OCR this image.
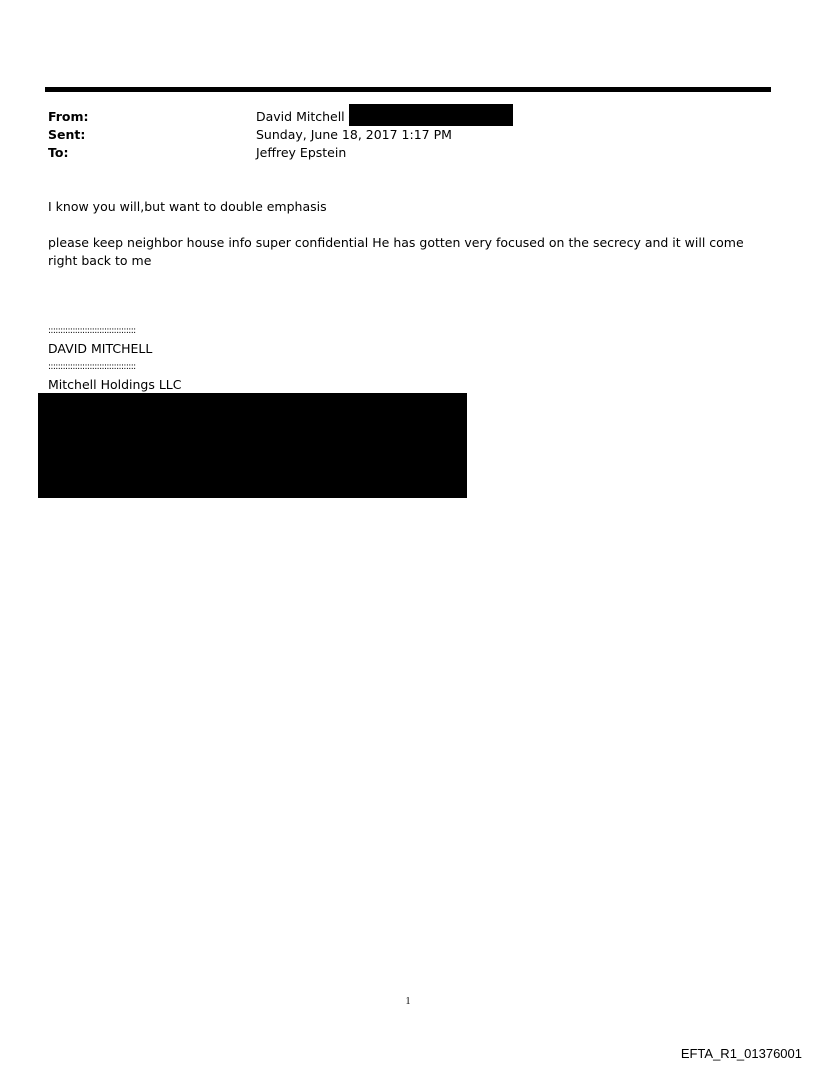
From:	David Mitchell
Sent:	Sunday, June 18, 2017 1:17 PM
To:	Jeffrey Epstein
I know you will,but want to double emphasis
please keep neighbor house info super confidential He has gotten very focused on the secrecy and it will come right back to me
::::::::::::::::::::::::::::::::::::
DAVID MITCHELL
::::::::::::::::::::::::::::::::::::
Mitchell Holdings LLC
1
EFTA_R1_01376001
